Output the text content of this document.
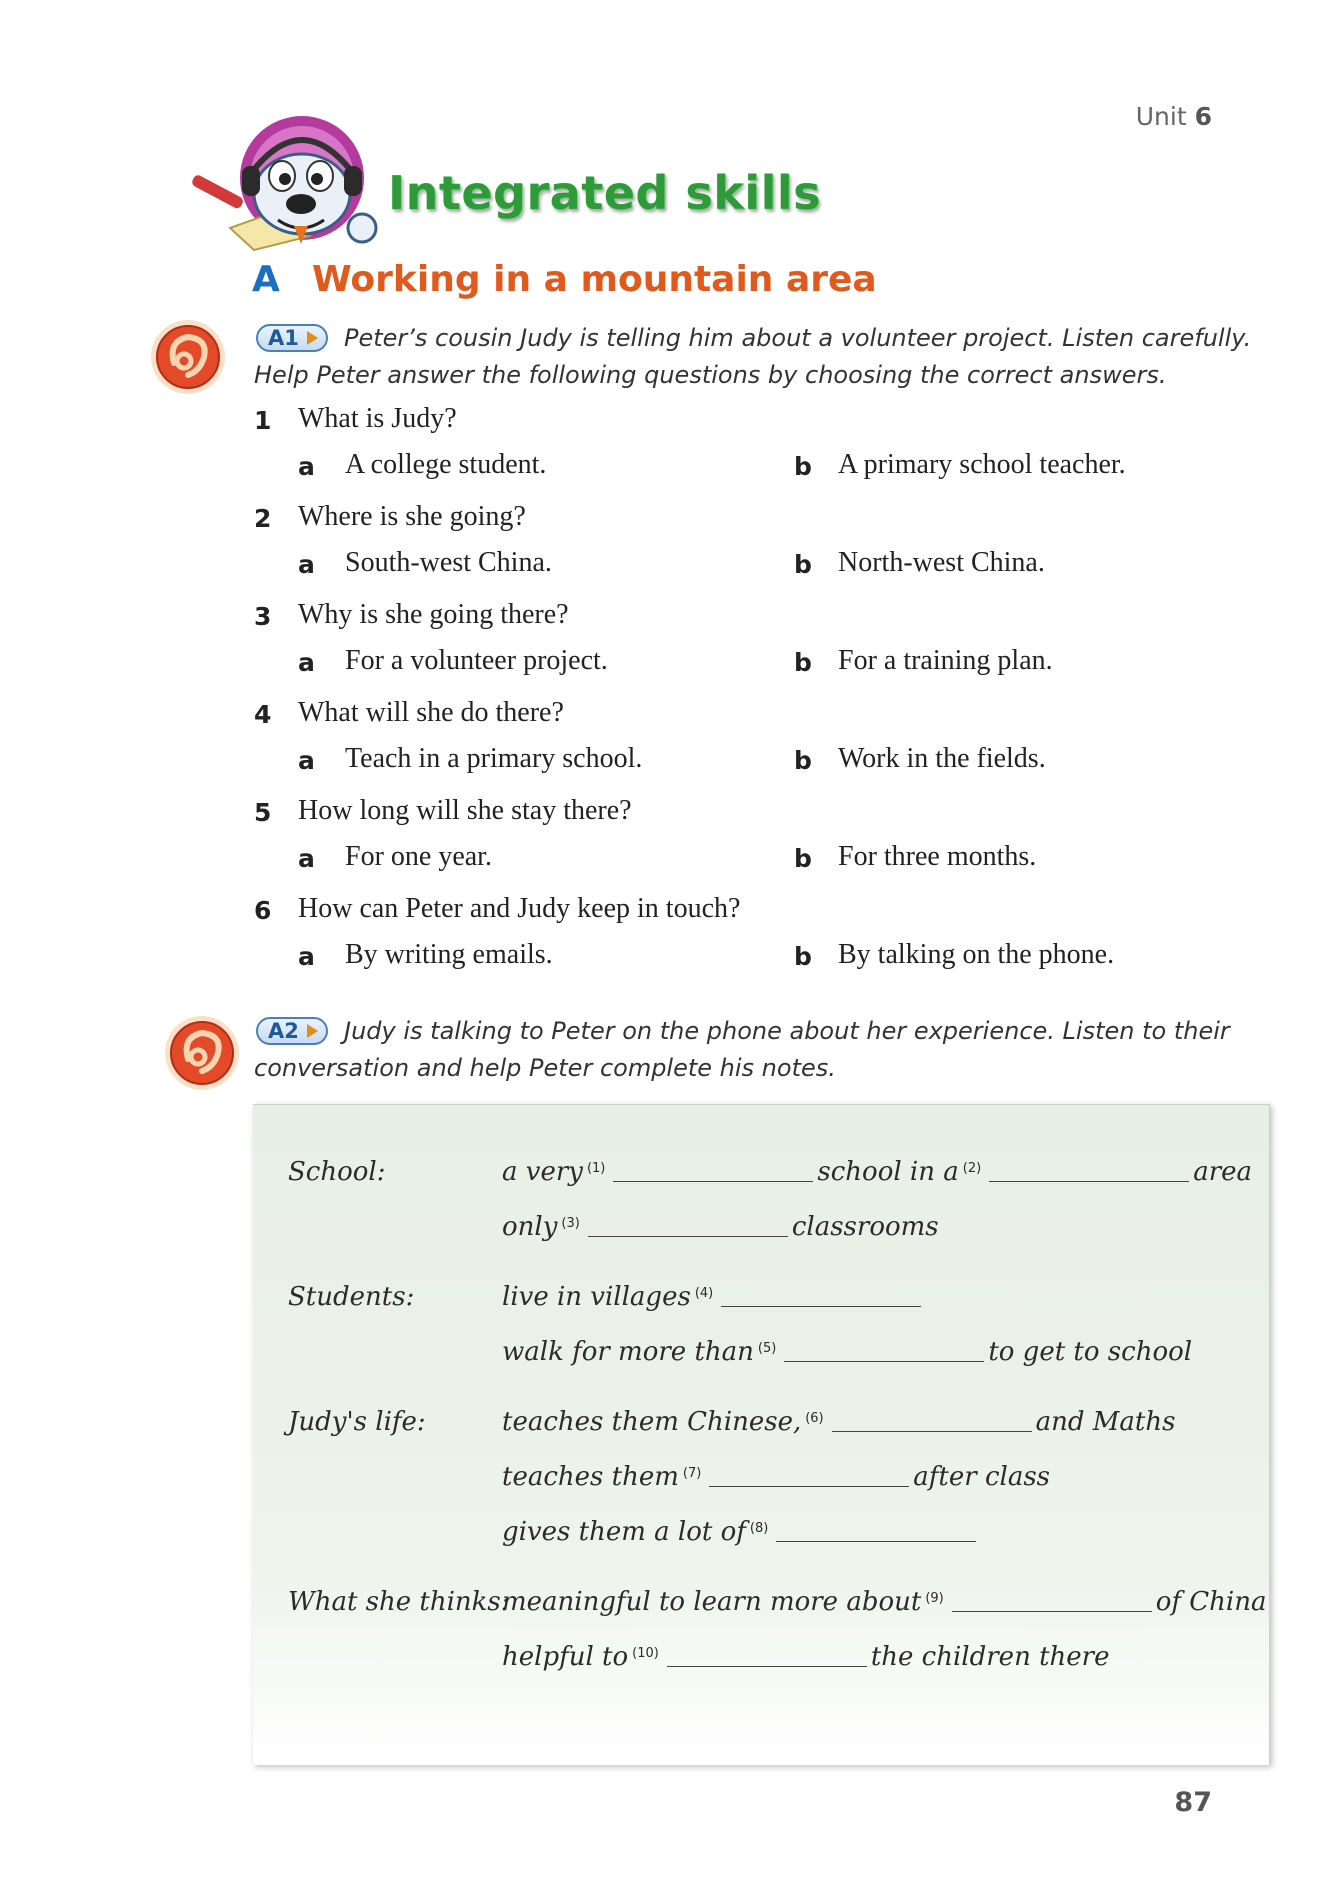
Unit 6
Integrated skills
A Working in a mountain area
A1	Peter’s cousin Judy is telling him about a volunteer project. Listen carefully. Help Peter answer the following questions by choosing the correct answers.
1 What is Judy?
a A college student.	b A primary school teacher.
2 Where is she going?
a South-west China.	b North-west China.
3 Why is she going there?
a For a volunteer project.	b For a training plan.
4 What will she do there?
a Teach in a primary school.	b Work in the fields.
5 How long will she stay there?
a For one year.	b For three months.
6 How can Peter and Judy keep in touch?
a By writing emails.	b By talking on the phone.
A2	Judy is talking to Peter on the phone about her experience. Listen to their conversation and help Peter complete his notes.
School:	a very $^{(1)}$	school in a $^{(2)}$	area
only $^{(3)}$	classrooms
Students:	live in villages $^{(4)}$
walk for more than $^{(5)}$	to get to school
Judy's life:	teaches them Chinese, $^{(6)}$	and Maths
teaches them $^{(7)}$	after class
gives them a lot of $^{(8)}$
What she thinks:
meaningful to learn more about $^{(9)}$	of China
helpful to $^{(10)}$	the children there
87
